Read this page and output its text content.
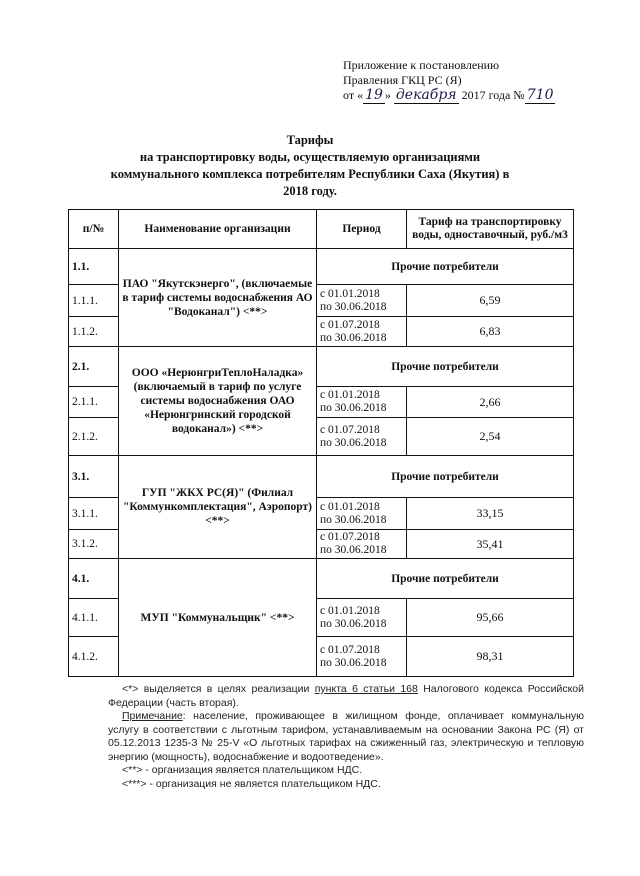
Приложение к постановлению
Правления ГКЦ РС (Я)
от « 19 » декабря 2017 года № 710
Тарифы
на транспортировку воды, осуществляемую организациями
коммунального комплекса потребителям Республики Саха (Якутия) в
2018 году.
п/№	Наименование организации	Период	Тариф на транспортировку воды, одноставочный, руб./м3
1.1.	ПАО "Якутскэнерго", (включаемые в тариф системы водоснабжения АО "Водоканал") <**>	Прочие потребители	
1.1.1.		с 01.01.2018
по 30.06.2018	6,59
1.1.2.		с 01.07.2018
по 30.06.2018	6,83
2.1.	ООО «НерюнгриТеплоНаладка» (включаемый в тариф по услуге системы водоснабжения ОАО «Нерюнгринский городской водоканал») <**>	Прочие потребители	
2.1.1.		с 01.01.2018
по 30.06.2018	2,66
2.1.2.		с 01.07.2018
по 30.06.2018	2,54
3.1.	ГУП "ЖКХ РС(Я)" (Филиал "Коммункомплектация", Аэропорт) <**>	Прочие потребители	
3.1.1.		с 01.01.2018
по 30.06.2018	33,15
3.1.2.		с 01.07.2018
по 30.06.2018	35,41
4.1.	МУП "Коммунальщик" <**>	Прочие потребители	
4.1.1.		с 01.01.2018
по 30.06.2018	95,66
4.1.2.		с 01.07.2018
по 30.06.2018	98,31

<*> выделяется в целях реализации пункта 6 статьи 168 Налогового кодекса Российской Федерации (часть вторая).

Примечание: население, проживающее в жилищном фонде, оплачивает коммунальную услугу в соответствии с льготным тарифом, устанавливаемым на основании Закона РС (Я) от 05.12.2013 1235-З № 25-V «О льготных тарифах на сжиженный газ, электрическую и тепловую энергию (мощность), водоснабжение и водоотведение».

<**> - организация является плательщиком НДС.

<***> - организация не является плательщиком НДС.
